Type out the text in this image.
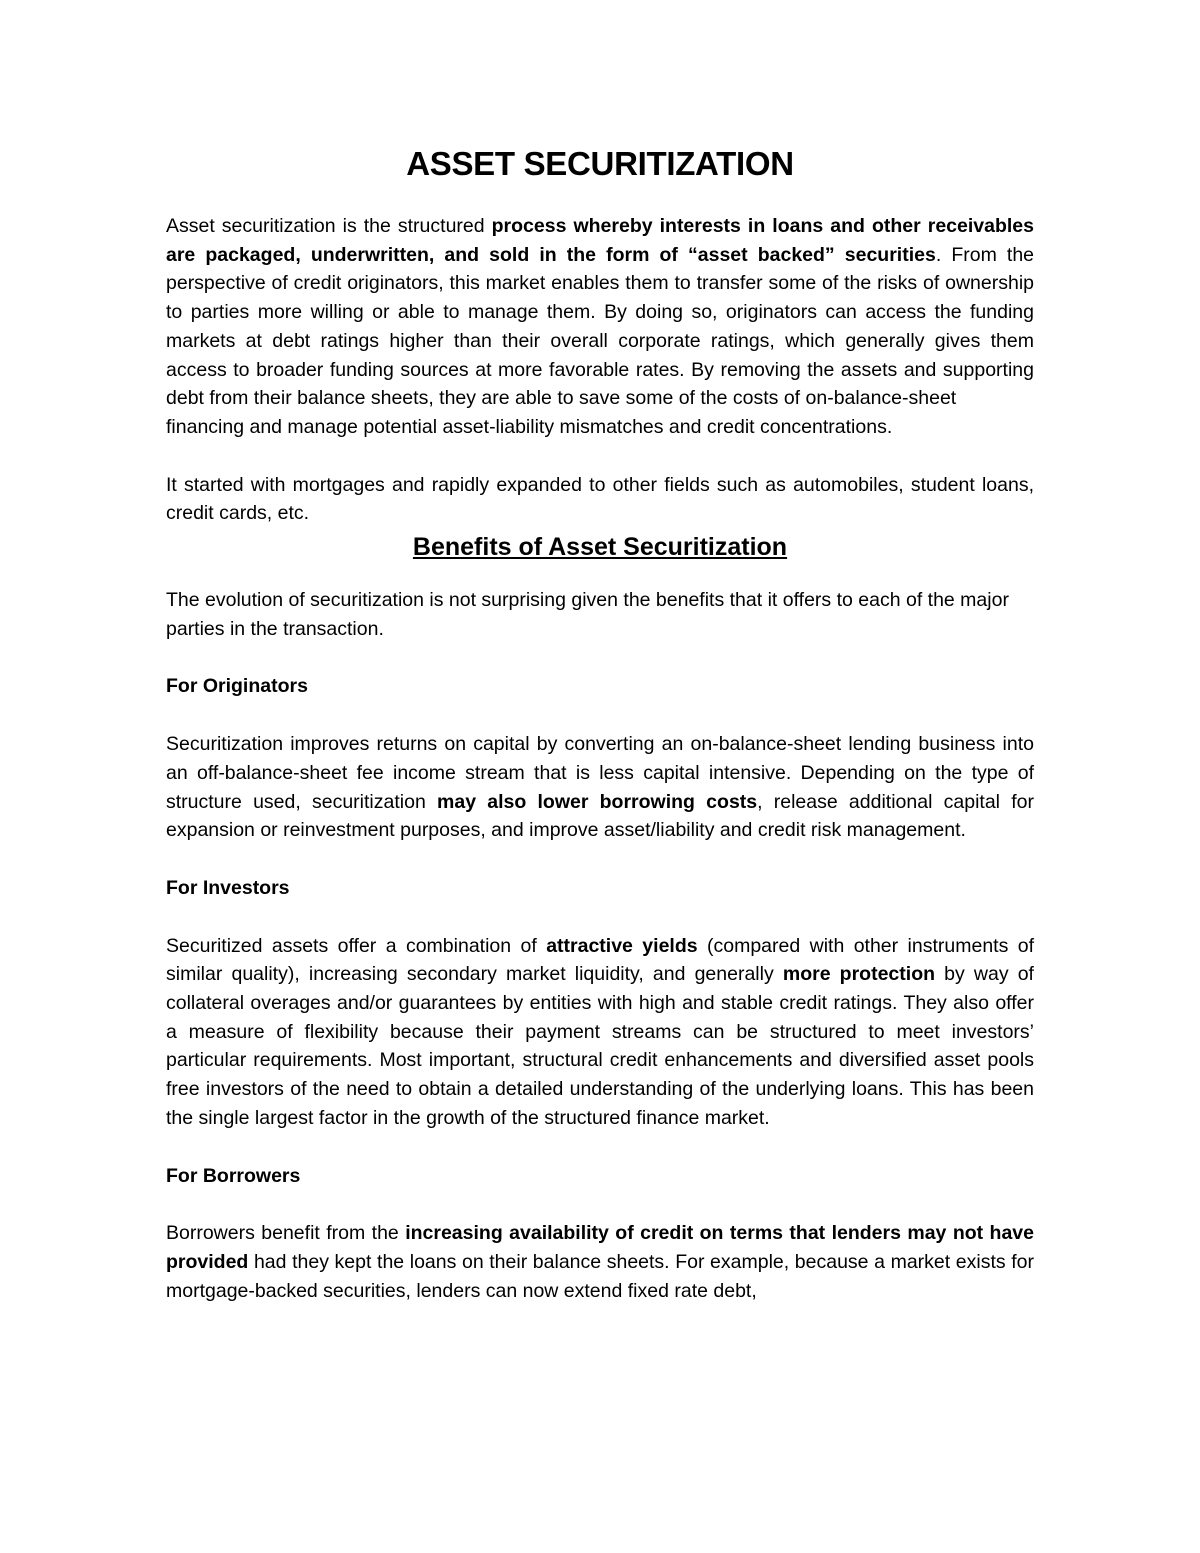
ASSET SECURITIZATION

Asset securitization is the structured process whereby interests in loans and other receivables are packaged, underwritten, and sold in the form of “asset backed” securities. From the perspective of credit originators, this market enables them to transfer some of the risks of ownership to parties more willing or able to manage them. By doing so, originators can access the funding markets at debt ratings higher than their overall corporate ratings, which generally gives them access to broader funding sources at more favorable rates. By removing the assets and supporting debt from their balance sheets, they are able to save some of the costs of on-balance-sheet

financing and manage potential asset-liability mismatches and credit concentrations.

It started with mortgages and rapidly expanded to other fields such as automobiles, student loans, credit cards, etc.

Benefits of Asset Securitization

The evolution of securitization is not surprising given the benefits that it offers to each of the major parties in the transaction.

For Originators

Securitization improves returns on capital by converting an on-balance-sheet lending business into an off-balance-sheet fee income stream that is less capital intensive. Depending on the type of structure used, securitization may also lower borrowing costs, release additional capital for expansion or reinvestment purposes, and improve asset/liability and credit risk management.

For Investors

Securitized assets offer a combination of attractive yields (compared with other instruments of similar quality), increasing secondary market liquidity, and generally more protection by way of collateral overages and/or guarantees by entities with high and stable credit ratings. They also offer a measure of flexibility because their payment streams can be structured to meet investors’ particular requirements. Most important, structural credit enhancements and diversified asset pools free investors of the need to obtain a detailed understanding of the underlying loans. This has been the single largest factor in the growth of the structured finance market.

For Borrowers

Borrowers benefit from the increasing availability of credit on terms that lenders may not have provided had they kept the loans on their balance sheets. For example, because a market exists for mortgage-backed securities, lenders can now extend fixed rate debt,
